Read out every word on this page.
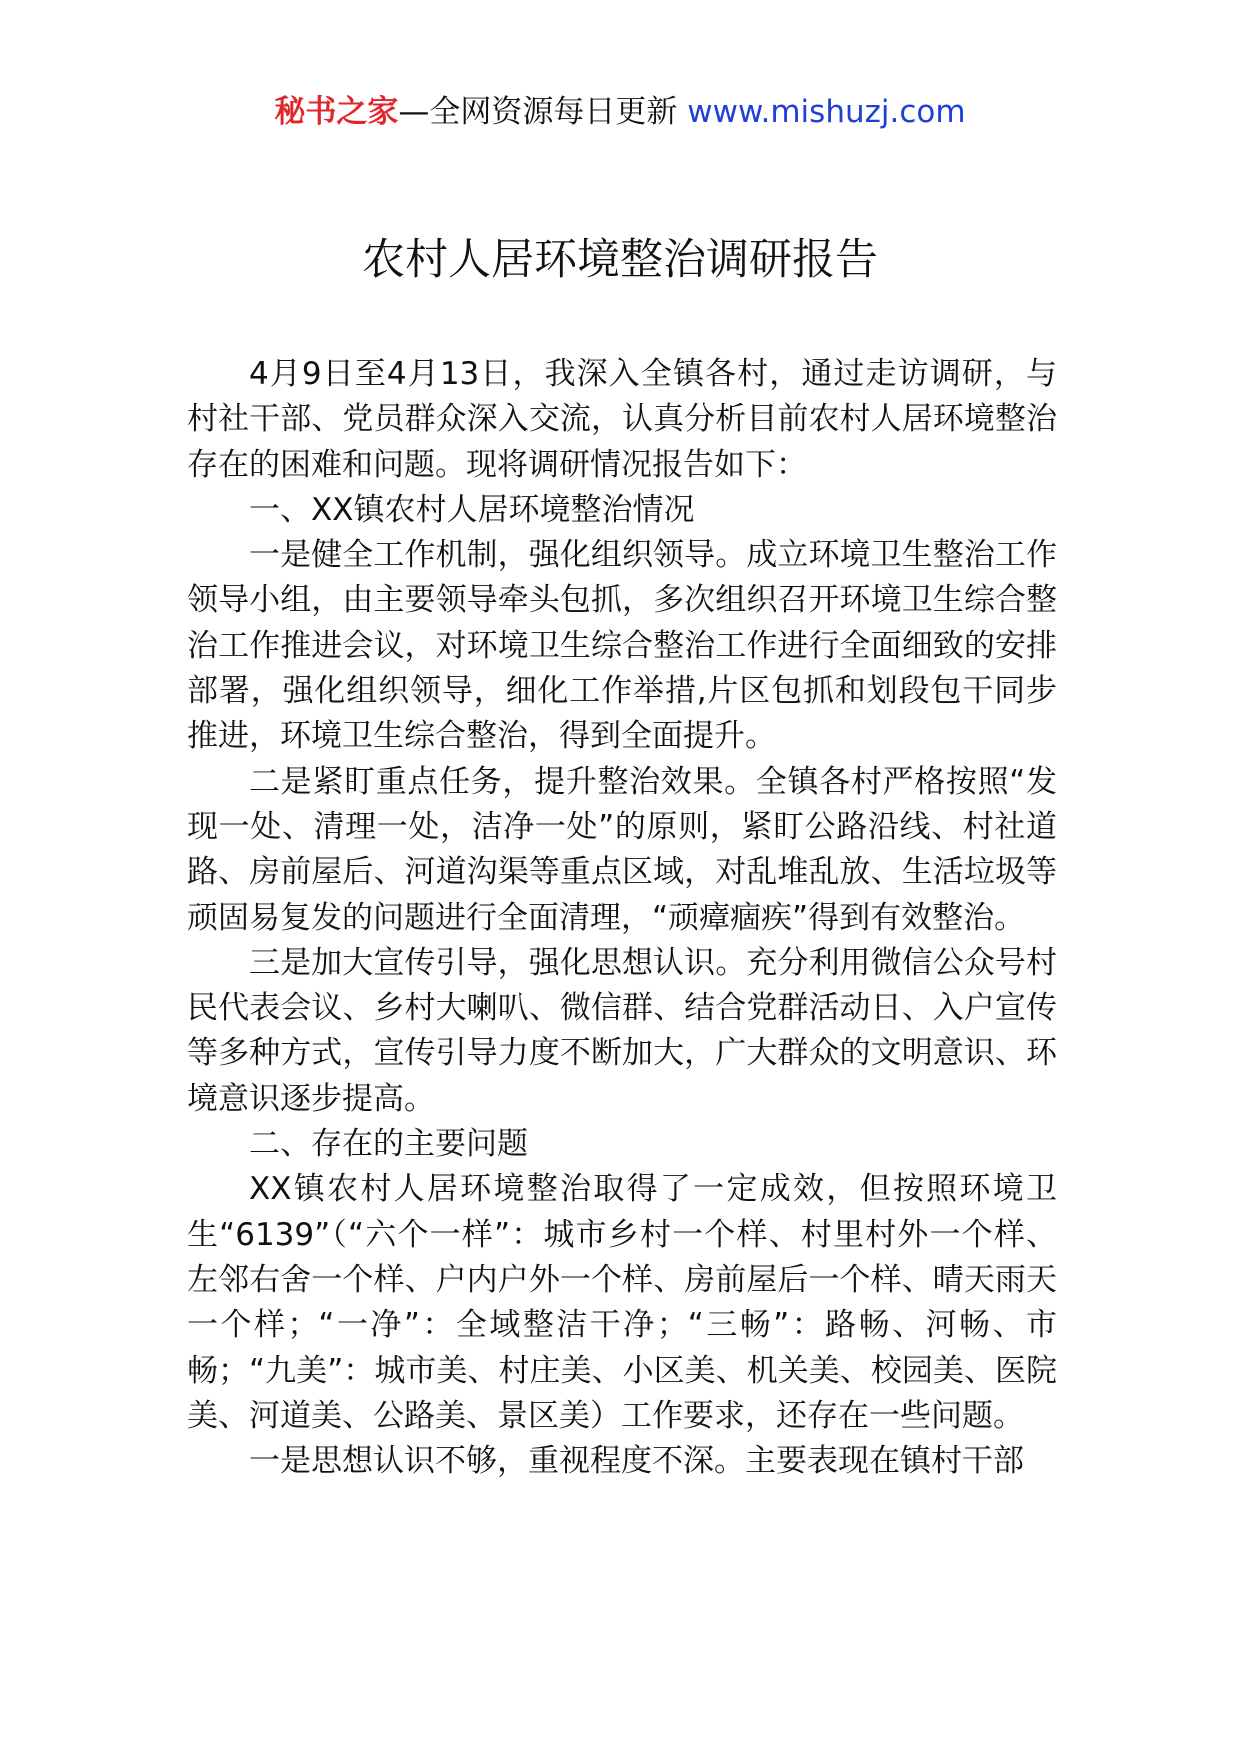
秘书之家—全网资源每日更新 www.mishuzj.com
农村人居环境整治调研报告

4月9日至4月13日，我深入全镇各村，通过走访调研，与村社干部、党员群众深入交流，认真分析目前农村人居环境整治存在的困难和问题。现将调研情况报告如下：

一、XX镇农村人居环境整治情况

一是健全工作机制，强化组织领导。成立环境卫生整治工作领导小组，由主要领导牵头包抓，多次组织召开环境卫生综合整治工作推进会议，对环境卫生综合整治工作进行全面细致的安排部署，强化组织领导，细化工作举措,片区包抓和划段包干同步推进，环境卫生综合整治，得到全面提升。

二是紧盯重点任务，提升整治效果。全镇各村严格按照“发现一处、清理一处，洁净一处”的原则，紧盯公路沿线、村社道路、房前屋后、河道沟渠等重点区域，对乱堆乱放、生活垃圾等顽固易复发的问题进行全面清理，“顽瘴痼疾”得到有效整治。

三是加大宣传引导，强化思想认识。充分利用微信公众号村民代表会议、乡村大喇叭、微信群、结合党群活动日、入户宣传等多种方式，宣传引导力度不断加大，广大群众的文明意识、环境意识逐步提高。

二、存在的主要问题

XX镇农村人居环境整治取得了一定成效，但按照环境卫生“6139”（“六个一样”：城市乡村一个样、村里村外一个样、左邻右舍一个样、户内户外一个样、房前屋后一个样、晴天雨天一个样；“一净”：全域整洁干净；“三畅”：路畅、河畅、市畅；“九美”：城市美、村庄美、小区美、机关美、校园美、医院美、河道美、公路美、景区美）工作要求，还存在一些问题。

一是思想认识不够，重视程度不深。主要表现在镇村干部
